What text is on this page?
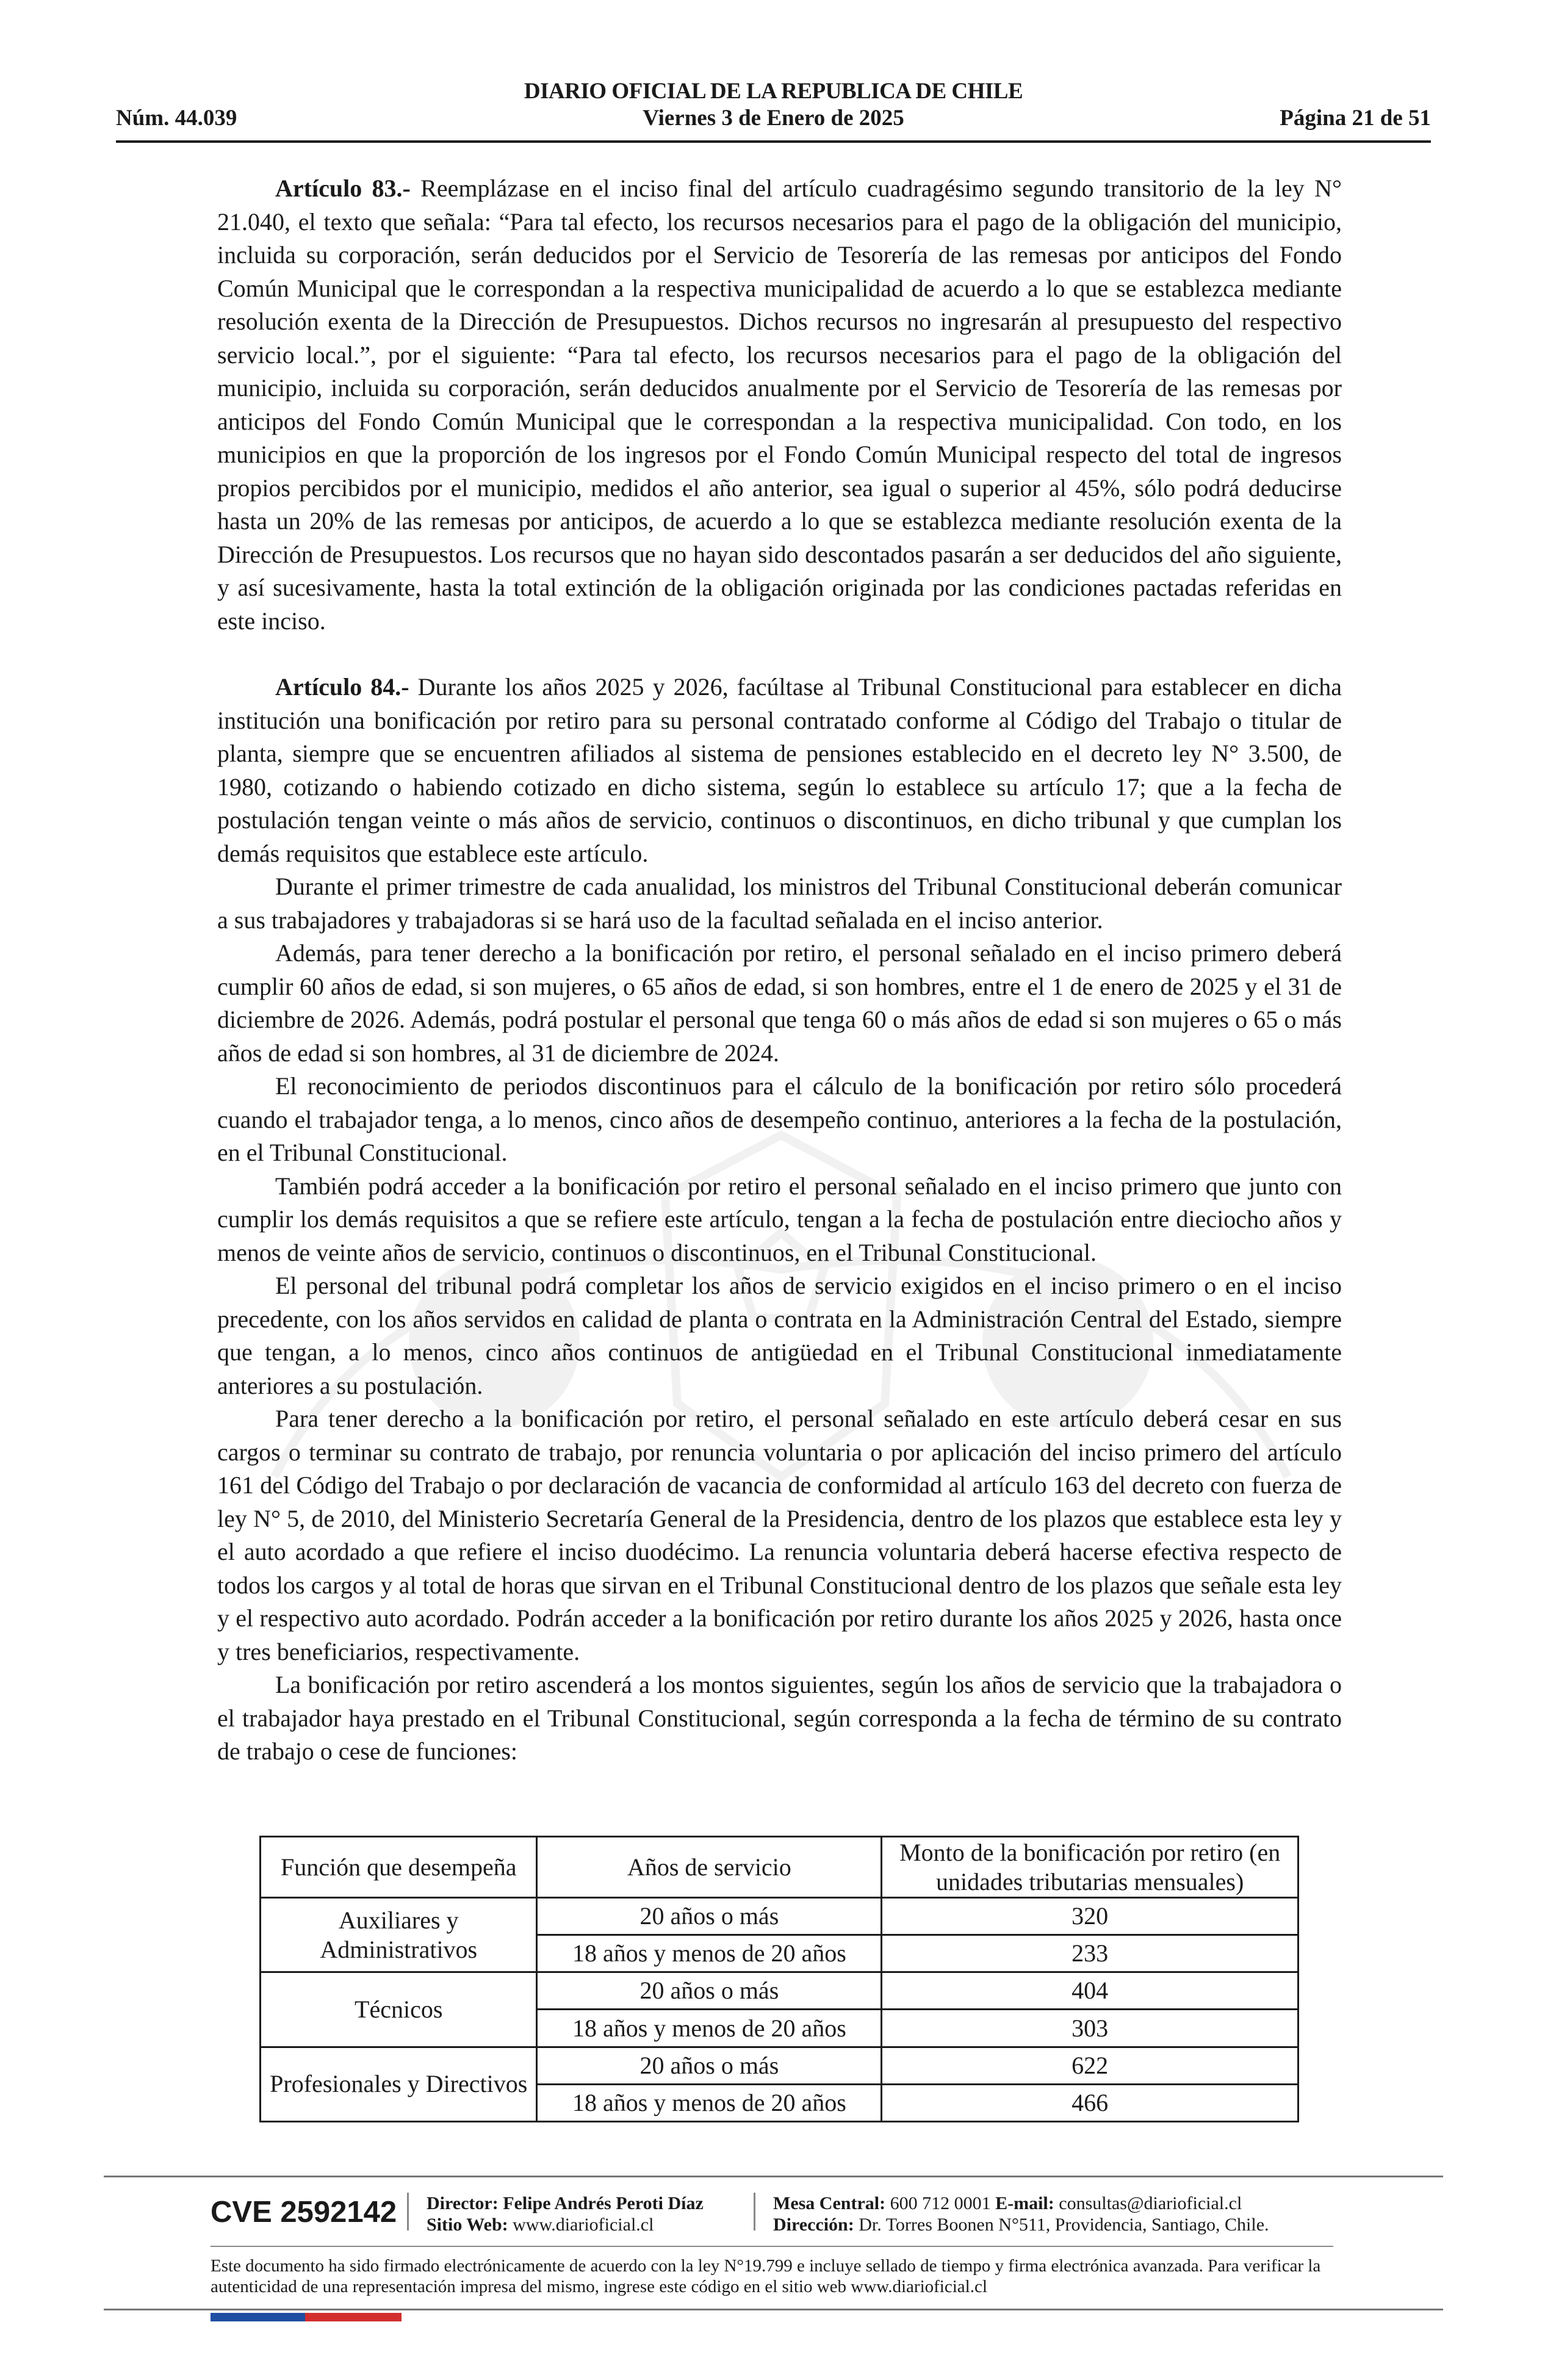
DIARIO OFICIAL DE LA REPUBLICA DE CHILE
Núm. 44.039	Viernes 3 de Enero de 2025	Página 21 de 51

Artículo 83.- Reemplázase en el inciso final del artículo cuadragésimo segundo transitorio de la ley N° 21.040, el texto que señala: “Para tal efecto, los recursos necesarios para el pago de la obligación del municipio, incluida su corporación, serán deducidos por el Servicio de Tesorería de las remesas por anticipos del Fondo Común Municipal que le correspondan a la respectiva municipalidad de acuerdo a lo que se establezca mediante resolución exenta de la Dirección de Presupuestos. Dichos recursos no ingresarán al presupuesto del respectivo servicio local.”, por el siguiente: “Para tal efecto, los recursos necesarios para el pago de la obligación del municipio, incluida su corporación, serán deducidos anualmente por el Servicio de Tesorería de las remesas por anticipos del Fondo Común Municipal que le correspondan a la respectiva municipalidad. Con todo, en los municipios en que la proporción de los ingresos por el Fondo Común Municipal respecto del total de ingresos propios percibidos por el municipio, medidos el año anterior, sea igual o superior al 45%, sólo podrá deducirse hasta un 20% de las remesas por anticipos, de acuerdo a lo que se establezca mediante resolución exenta de la Dirección de Presupuestos. Los recursos que no hayan sido descontados pasarán a ser deducidos del año siguiente, y así sucesivamente, hasta la total extinción de la obligación originada por las condiciones pactadas referidas en este inciso.

Artículo 84.- Durante los años 2025 y 2026, facúltase al Tribunal Constitucional para establecer en dicha institución una bonificación por retiro para su personal contratado conforme al Código del Trabajo o titular de planta, siempre que se encuentren afiliados al sistema de pensiones establecido en el decreto ley N° 3.500, de 1980, cotizando o habiendo cotizado en dicho sistema, según lo establece su artículo 17; que a la fecha de postulación tengan veinte o más años de servicio, continuos o discontinuos, en dicho tribunal y que cumplan los demás requisitos que establece este artículo.

Durante el primer trimestre de cada anualidad, los ministros del Tribunal Constitucional deberán comunicar a sus trabajadores y trabajadoras si se hará uso de la facultad señalada en el inciso anterior.

Además, para tener derecho a la bonificación por retiro, el personal señalado en el inciso primero deberá cumplir 60 años de edad, si son mujeres, o 65 años de edad, si son hombres, entre el 1 de enero de 2025 y el 31 de diciembre de 2026. Además, podrá postular el personal que tenga 60 o más años de edad si son mujeres o 65 o más años de edad si son hombres, al 31 de diciembre de 2024.

El reconocimiento de periodos discontinuos para el cálculo de la bonificación por retiro sólo procederá cuando el trabajador tenga, a lo menos, cinco años de desempeño continuo, anteriores a la fecha de la postulación, en el Tribunal Constitucional.

También podrá acceder a la bonificación por retiro el personal señalado en el inciso primero que junto con cumplir los demás requisitos a que se refiere este artículo, tengan a la fecha de postulación entre dieciocho años y menos de veinte años de servicio, continuos o discontinuos, en el Tribunal Constitucional.

El personal del tribunal podrá completar los años de servicio exigidos en el inciso primero o en el inciso precedente, con los años servidos en calidad de planta o contrata en la Administración Central del Estado, siempre que tengan, a lo menos, cinco años continuos de antigüedad en el Tribunal Constitucional inmediatamente anteriores a su postulación.

Para tener derecho a la bonificación por retiro, el personal señalado en este artículo deberá cesar en sus cargos o terminar su contrato de trabajo, por renuncia voluntaria o por aplicación del inciso primero del artículo 161 del Código del Trabajo o por declaración de vacancia de conformidad al artículo 163 del decreto con fuerza de ley N° 5, de 2010, del Ministerio Secretaría General de la Presidencia, dentro de los plazos que establece esta ley y el auto acordado a que refiere el inciso duodécimo. La renuncia voluntaria deberá hacerse efectiva respecto de todos los cargos y al total de horas que sirvan en el Tribunal Constitucional dentro de los plazos que señale esta ley y el respectivo auto acordado. Podrán acceder a la bonificación por retiro durante los años 2025 y 2026, hasta once y tres beneficiarios, respectivamente.

La bonificación por retiro ascenderá a los montos siguientes, según los años de servicio que la trabajadora o el trabajador haya prestado en el Tribunal Constitucional, según corresponda a la fecha de término de su contrato de trabajo o cese de funciones:

Función que desempeña	Años de servicio	Monto de la bonificación por retiro (en unidades tributarias mensuales)
Auxiliares y Administrativos	20 años o más	320
	18 años y menos de 20 años	233
Técnicos	20 años o más	404
	18 años y menos de 20 años	303
Profesionales y Directivos	20 años o más	622
	18 años y menos de 20 años	466
CVE 2592142 Director: Felipe Andrés Peroti Díaz
Sitio Web: www.diarioficial.cl
Mesa Central: 600 712 0001 E-mail: consultas@diarioficial.cl
Dirección: Dr. Torres Boonen N°511, Providencia, Santiago, Chile.
Este documento ha sido firmado electrónicamente de acuerdo con la ley N°19.799 e incluye sellado de tiempo y firma electrónica avanzada. Para verificar la autenticidad de una representación impresa del mismo, ingrese este código en el sitio web www.diarioficial.cl
